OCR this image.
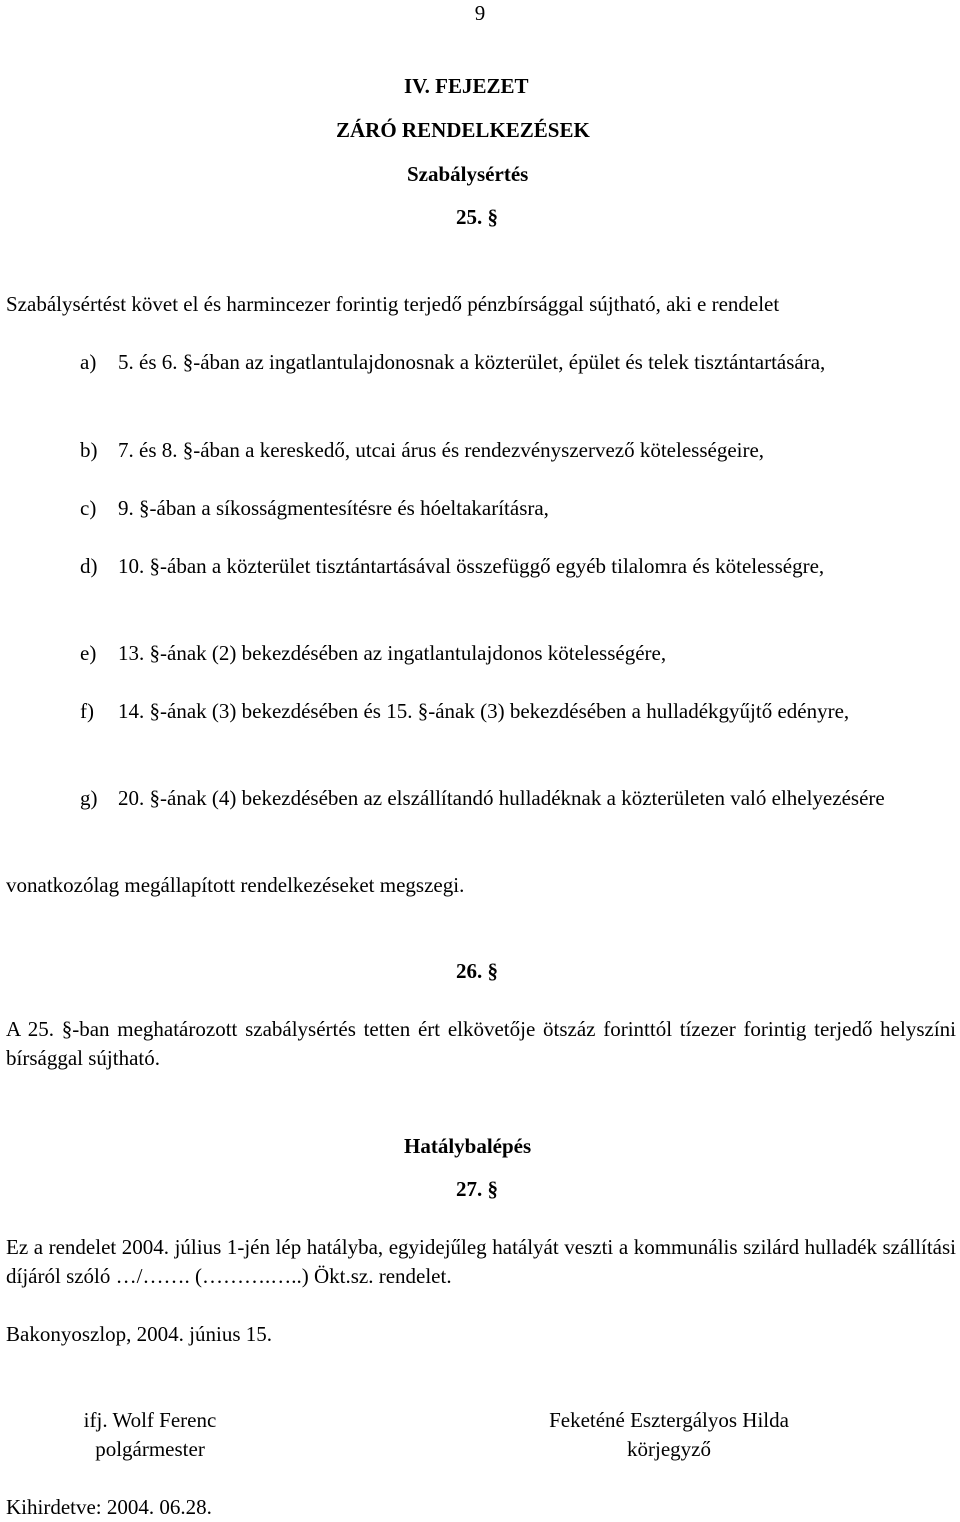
9
IV. FEJEZET
ZÁRÓ RENDELKEZÉSEK
Szabálysértés
25. §
Szabálysértést követ el és harmincezer forintig terjedő pénzbírsággal sújtható, aki e rendelet
a) 5. és 6. §-ában az ingatlantulajdonosnak a közterület, épület és telek tisztántartására,
b) 7. és 8. §-ában a kereskedő, utcai árus és rendezvényszervező kötelességeire,
c) 9. §-ában a síkosságmentesítésre és hóeltakarításra,
d) 10. §-ában a közterület tisztántartásával összefüggő egyéb tilalomra és kötelességre,
e) 13. §-ának (2) bekezdésében az ingatlantulajdonos kötelességére,
f) 14. §-ának (3) bekezdésében és 15. §-ának (3) bekezdésében a hulladékgyűjtő edényre,
g) 20. §-ának (4) bekezdésében az elszállítandó hulladéknak a közterületen való elhelyezésére
vonatkozólag megállapított rendelkezéseket megszegi.
26. §
A 25. §-ban meghatározott szabálysértés tetten ért elkövetője ötszáz forinttól tízezer forintig terjedő helyszíni bírsággal sújtható.
Hatálybalépés
27. §
Ez a rendelet 2004. július 1-jén lép hatályba, egyidejűleg hatályát veszti a kommunális szilárd hulladék szállítási díjáról szóló …/……. (……….…..) Ökt.sz. rendelet.
Bakonyoszlop, 2004. június 15.
ifj. Wolf Ferenc
polgármester
Feketéné Esztergályos Hilda
körjegyző
Kihirdetve: 2004. 06.28.
